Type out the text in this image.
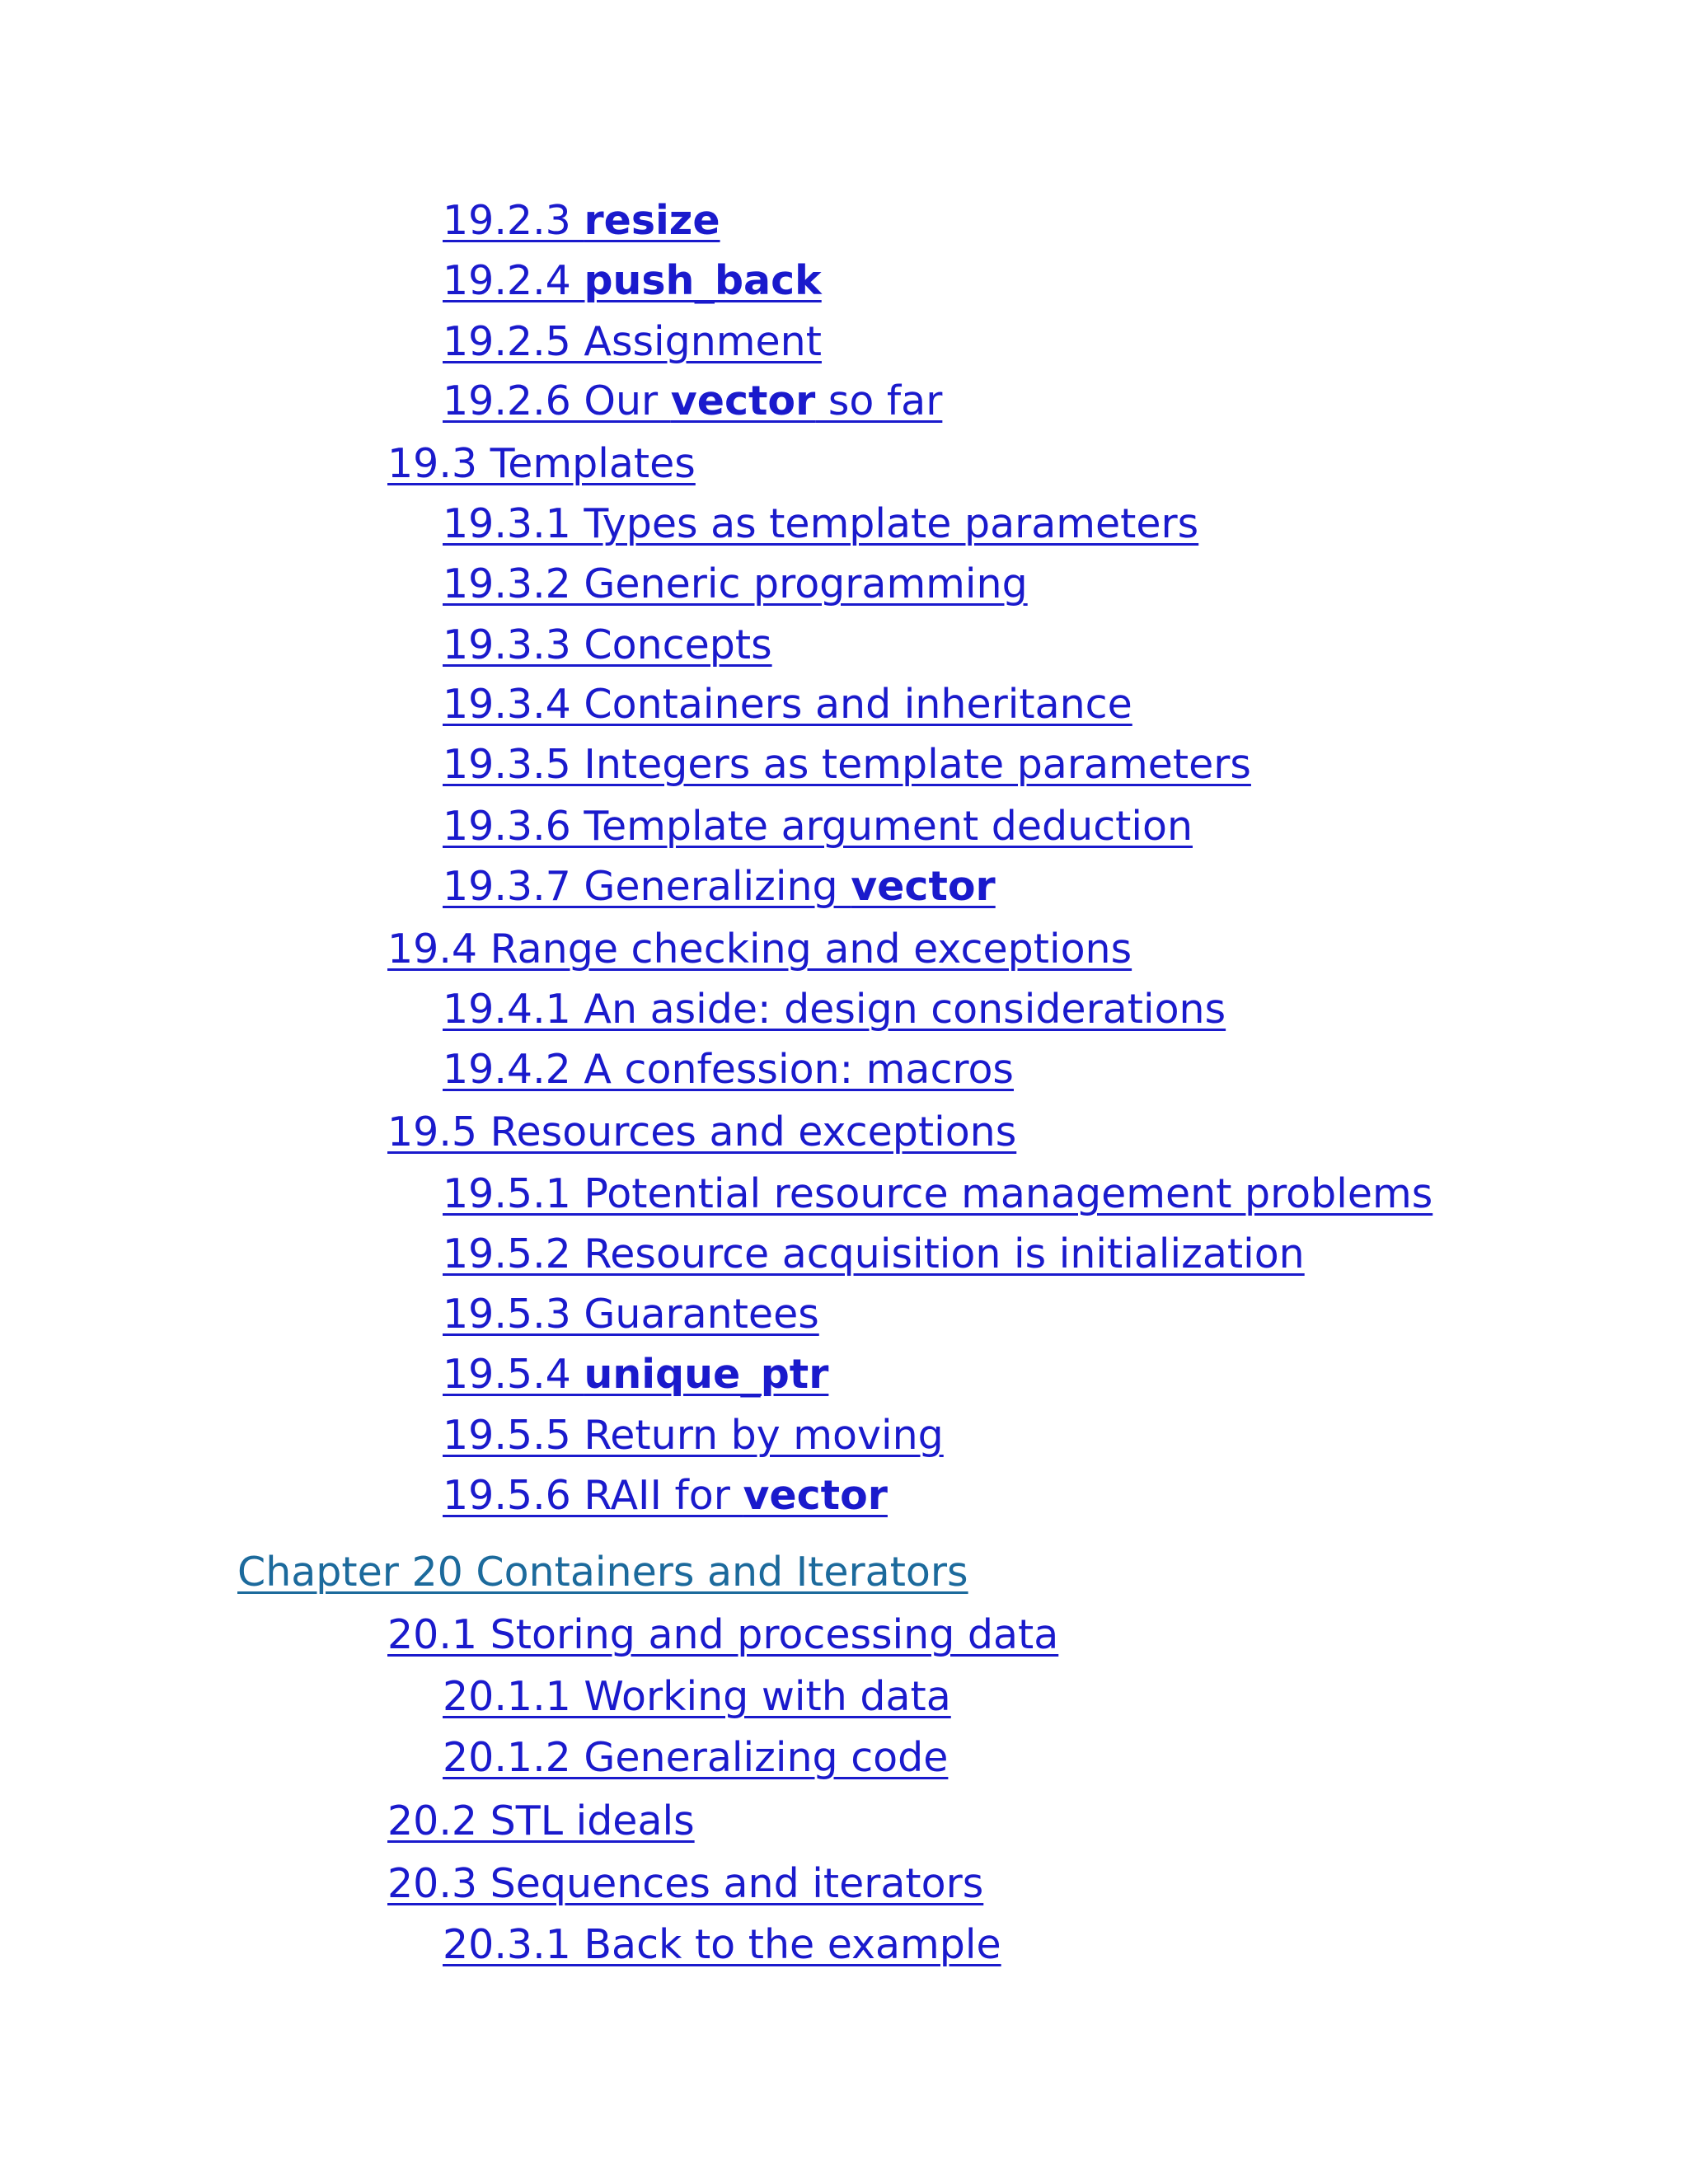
19.2.3 resize
19.2.4 push_back
19.2.5 Assignment
19.2.6 Our vector so far
19.3 Templates
19.3.1 Types as template parameters
19.3.2 Generic programming
19.3.3 Concepts
19.3.4 Containers and inheritance
19.3.5 Integers as template parameters
19.3.6 Template argument deduction
19.3.7 Generalizing vector
19.4 Range checking and exceptions
19.4.1 An aside: design considerations
19.4.2 A confession: macros
19.5 Resources and exceptions
19.5.1 Potential resource management problems
19.5.2 Resource acquisition is initialization
19.5.3 Guarantees
19.5.4 unique_ptr
19.5.5 Return by moving
19.5.6 RAII for vector
Chapter 20 Containers and Iterators
20.1 Storing and processing data
20.1.1 Working with data
20.1.2 Generalizing code
20.2 STL ideals
20.3 Sequences and iterators
20.3.1 Back to the example
